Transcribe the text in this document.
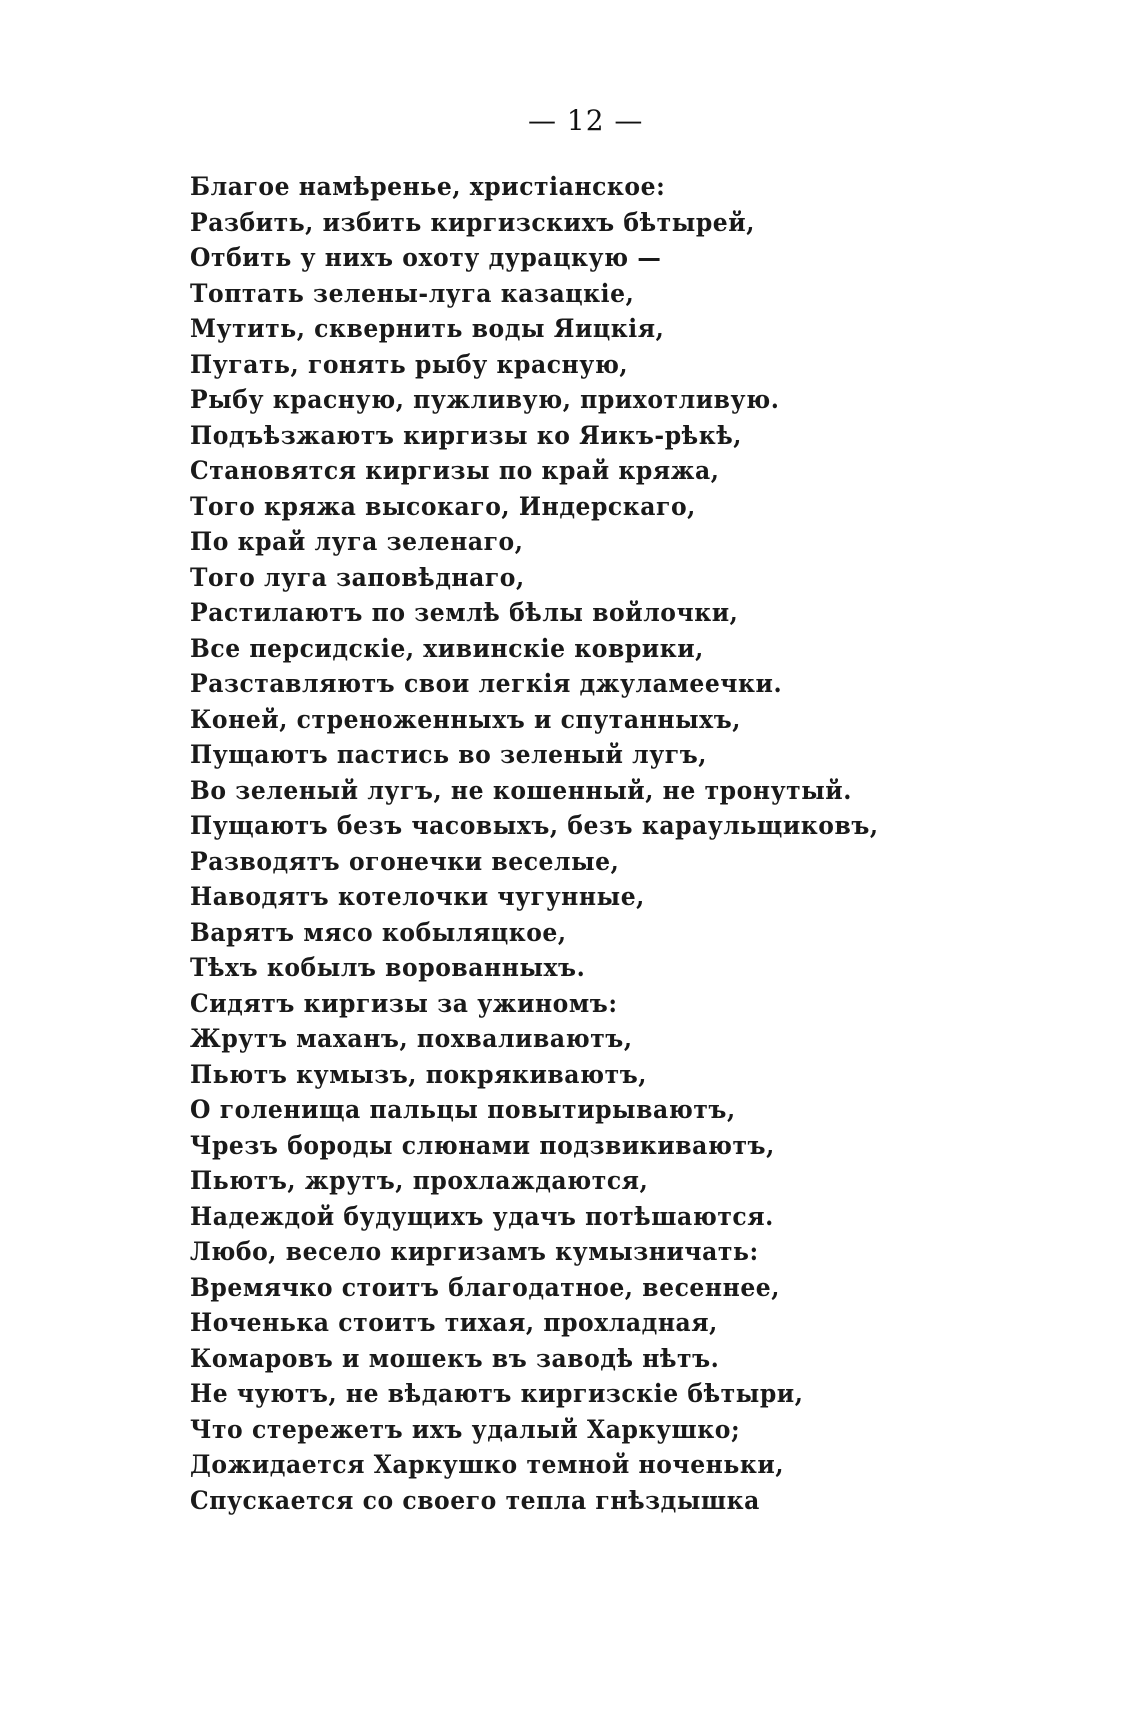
— 12 —
Благое намѣренье, христіанское:
Разбить, избить киргизскихъ бѣтырей,
Отбить у нихъ охоту дурацкую —
Топтать зелены-луга казацкіе,
Мутить, сквернить воды Яицкія,
Пугать, гонять рыбу красную,
Рыбу красную, пужливую, прихотливую.
Подъѣзжаютъ киргизы ко Яикъ-рѣкѣ,
Становятся киргизы по край кряжа,
Того кряжа высокаго, Индерскаго,
По край луга зеленаго,
Того луга заповѣднаго,
Растилаютъ по землѣ бѣлы войлочки,
Все персидскіе, хивинскіе коврики,
Разставляютъ свои легкія джуламеечки.
Коней, стреноженныхъ и спутанныхъ,
Пущаютъ пастись во зеленый лугъ,
Во зеленый лугъ, не кошенный, не тронутый.
Пущаютъ безъ часовыхъ, безъ караульщиковъ,
Разводятъ огонечки веселые,
Наводятъ котелочки чугунные,
Варятъ мясо кобыляцкое,
Тѣхъ кобылъ ворованныхъ.
Сидятъ киргизы за ужиномъ:
Жрутъ маханъ, похваливаютъ,
Пьютъ кумызъ, покрякиваютъ,
О голенища пальцы повытирываютъ,
Чрезъ бороды слюнами подзвикиваютъ,
Пьютъ, жрутъ, прохлаждаются,
Надеждой будущихъ удачъ потѣшаются.
Любо, весело киргизамъ кумызничать:
Времячко стоитъ благодатное, весеннее,
Ноченька стоитъ тихая, прохладная,
Комаровъ и мошекъ въ заводѣ нѣтъ.
Не чуютъ, не вѣдаютъ киргизскіе бѣтыри,
Что стережетъ ихъ удалый Харкушко;
Дожидается Харкушко темной ноченьки,
Спускается со своего тепла гнѣздышка
